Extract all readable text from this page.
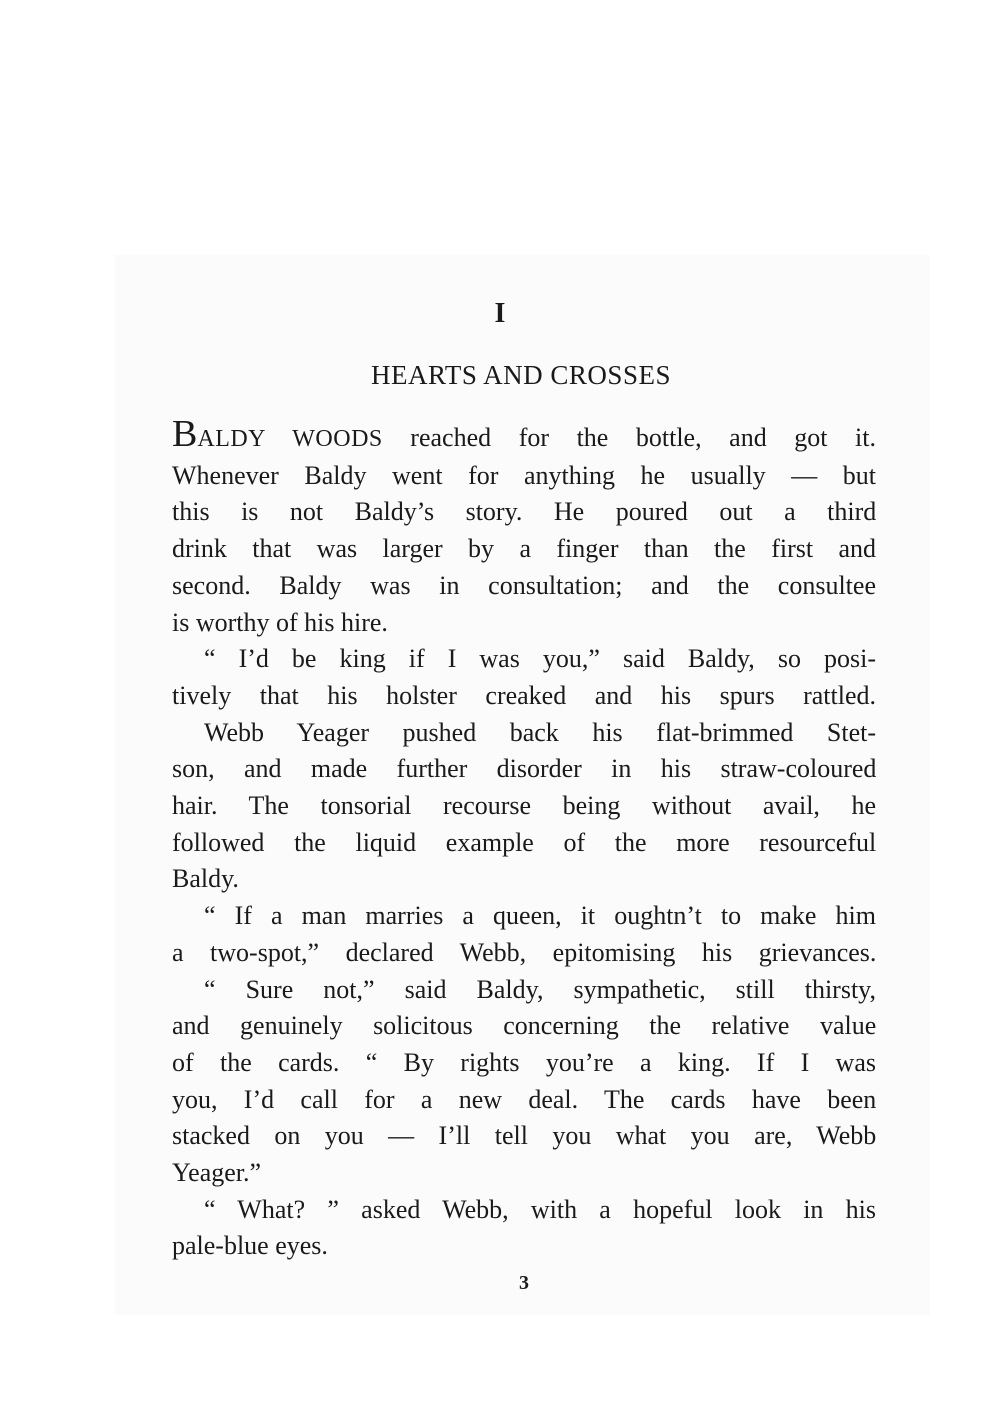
I
HEARTS AND CROSSES
BALDY WOODS reached for the bottle, and got it.
Whenever Baldy went for anything he usually — but
this is not Baldy’s story. He poured out a third
drink that was larger by a finger than the first and
second. Baldy was in consultation; and the consultee
is worthy of his hire.
“ I’d be king if I was you,” said Baldy, so posi-
tively that his holster creaked and his spurs rattled.
Webb Yeager pushed back his flat-brimmed Stet-
son, and made further disorder in his straw-coloured
hair. The tonsorial recourse being without avail, he
followed the liquid example of the more resourceful
Baldy.
“ If a man marries a queen, it oughtn’t to make him
a two-spot,” declared Webb, epitomising his grievances.
“ Sure not,” said Baldy, sympathetic, still thirsty,
and genuinely solicitous concerning the relative value
of the cards. “ By rights you’re a king. If I was
you, I’d call for a new deal. The cards have been
stacked on you — I’ll tell you what you are, Webb
Yeager.”
“ What? ” asked Webb, with a hopeful look in his
pale-blue eyes.
3
